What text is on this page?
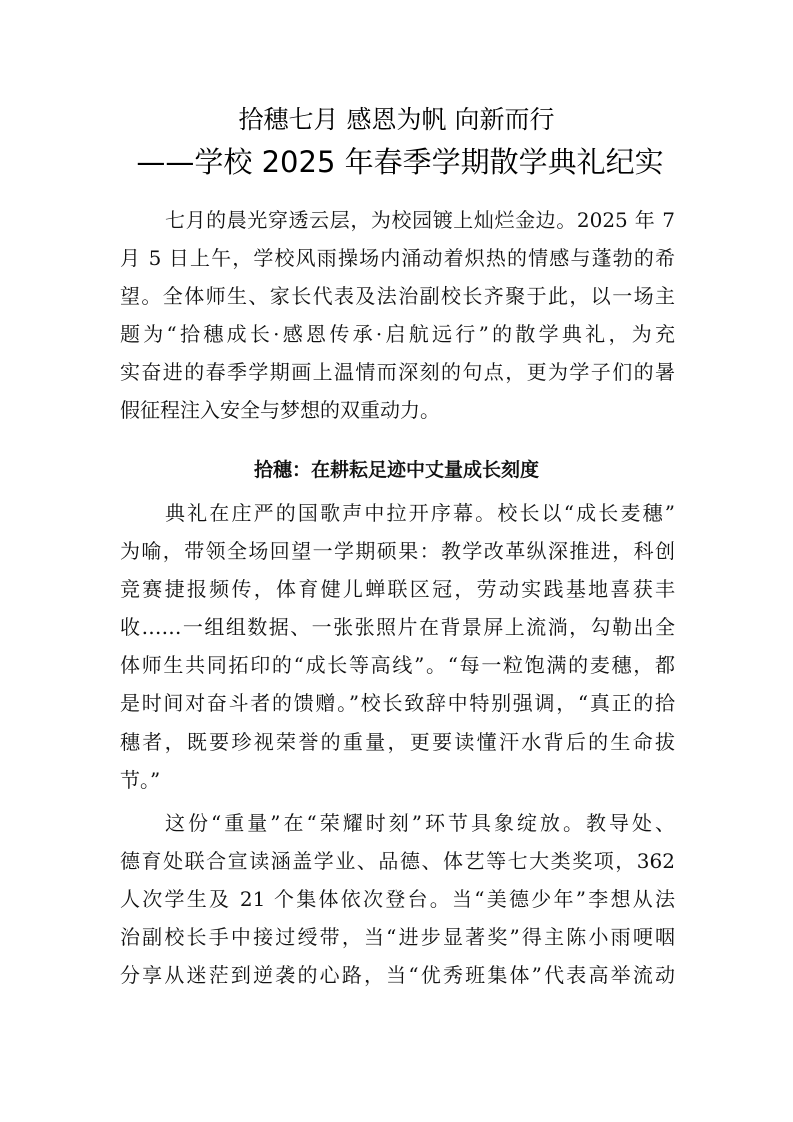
拾穗七月 感恩为帆 向新而行
——学校 2025 年春季学期散学典礼纪实
七月的晨光穿透云层，为校园镀上灿烂金边。2025 年 7
月 5 日上午，学校风雨操场内涌动着炽热的情感与蓬勃的希
望。全体师生、家长代表及法治副校长齐聚于此，以一场主
题为“拾穗成长·感恩传承·启航远行”的散学典礼，为充
实奋进的春季学期画上温情而深刻的句点，更为学子们的暑
假征程注入安全与梦想的双重动力。
拾穗：在耕耘足迹中丈量成长刻度
典礼在庄严的国歌声中拉开序幕。校长以“成长麦穗”
为喻，带领全场回望一学期硕果：教学改革纵深推进，科创
竞赛捷报频传，体育健儿蝉联区冠，劳动实践基地喜获丰
收……一组组数据、一张张照片在背景屏上流淌，勾勒出全
体师生共同拓印的“成长等高线”。“每一粒饱满的麦穗，都
是时间对奋斗者的馈赠。”校长致辞中特别强调，“真正的拾
穗者，既要珍视荣誉的重量，更要读懂汗水背后的生命拔
节。”
这份“重量”在“荣耀时刻”环节具象绽放。教导处、
德育处联合宣读涵盖学业、品德、体艺等七大类奖项，362
人次学生及 21 个集体依次登台。当“美德少年”李想从法
治副校长手中接过绶带，当“进步显著奖”得主陈小雨哽咽
分享从迷茫到逆袭的心路，当“优秀班集体”代表高举流动
